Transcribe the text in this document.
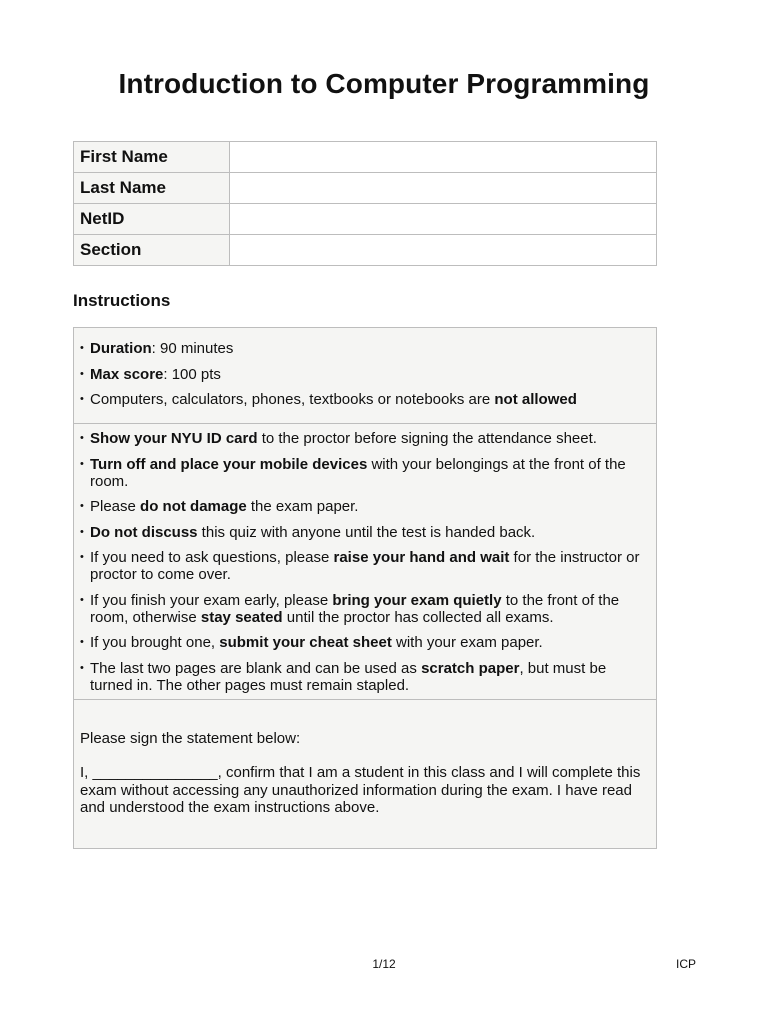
Introduction to Computer Programming
First Name	
Last Name	
NetID	
Section	
Instructions
• Duration: 90 minutes
• Max score: 100 pts
• Computers, calculators, phones, textbooks or notebooks are not allowed
• Show your NYU ID card to the proctor before signing the attendance sheet.
• Turn off and place your mobile devices with your belongings at the front of the room.
• Please do not damage the exam paper.
• Do not discuss this quiz with anyone until the test is handed back.
• If you need to ask questions, please raise your hand and wait for the instructor or proctor to come over.
• If you finish your exam early, please bring your exam quietly to the front of the room, otherwise stay seated until the proctor has collected all exams.
• If you brought one, submit your cheat sheet with your exam paper.
• The last two pages are blank and can be used as scratch paper, but must be turned in. The other pages must remain stapled.

Please sign the statement below:

I, _______________, confirm that I am a student in this class and I will complete this exam without accessing any unauthorized information during the exam. I have read and understood the exam instructions above.

1/12	ICP
